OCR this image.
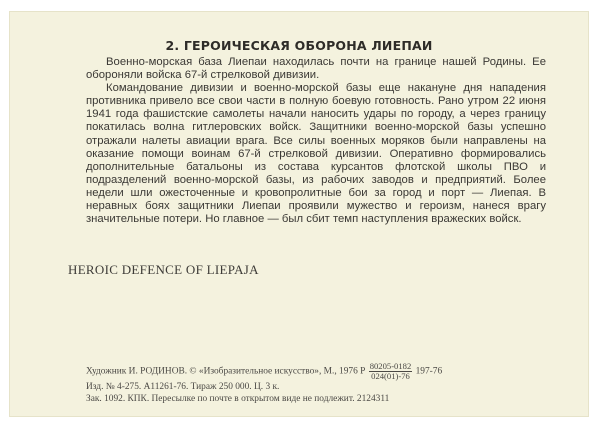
2. ГЕРОИЧЕСКАЯ ОБОРОНА ЛИЕПАИ

Военно-морская база Лиепаи находилась почти на границе нашей Родины. Ее обороняли войска 67-й стрелковой дивизии.

Командование дивизии и военно-морской базы еще накануне дня нападения противника привело все свои части в полную боевую готовность. Рано утром 22 июня 1941 года фашистские самолеты начали наносить удары по городу, а через границу покатилась волна гитлеровских войск. Защитники военно-морской базы успешно отражали налеты авиации врага. Все силы военных моряков были направлены на оказание помощи воинам 67-й стрелковой дивизии. Оперативно формировались дополнительные батальоны из состава курсантов флотской школы ПВО и подразделений военно-морской базы, из рабочих заводов и предприятий. Более недели шли ожесточенные и кровопролитные бои за город и порт — Лиепая. В неравных боях защитники Лиепаи проявили мужество и героизм, нанеся врагу значительные потери. Но главное — был сбит темп наступления вражеских войск.

HEROIC DEFENCE OF LIEPAJA
Художник И. РОДИНОВ. © «Изобразительное искусство», М., 1976 Р $\frac{80205-0182}{024(01)-76} 197-76$
Изд. № 4-275. А11261-76. Тираж 250 000. Ц. 3 к.
Зак. 1092. КПК. Пересылке по почте в открытом виде не подлежит. 2124311
